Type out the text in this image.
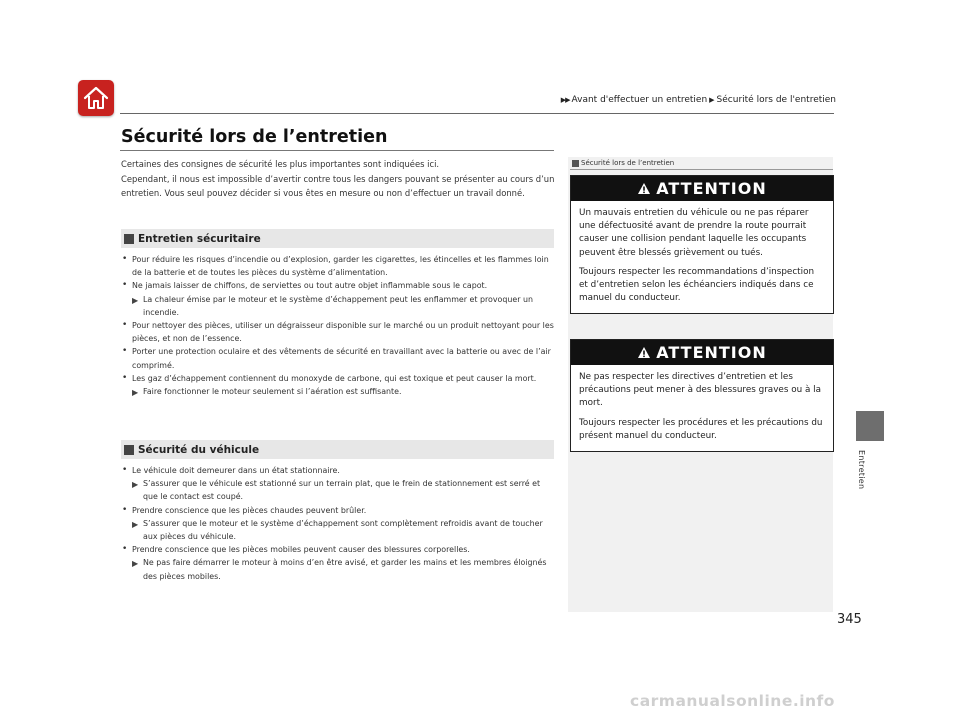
▶▶ Avant d'effectuer un entretien ▶ Sécurité lors de l'entretien
Sécurité lors de l’entretien

Certaines des consignes de sécurité les plus importantes sont indiquées ici.

Cependant, il nous est impossible d’avertir contre tous les dangers pouvant se présenter au cours d’un entretien. Vous seul pouvez décider si vous êtes en mesure ou non d’effectuer un travail donné.

Entretien sécuritaire
• Pour réduire les risques d’incendie ou d’explosion, garder les cigarettes, les étincelles et les flammes loin de la batterie et de toutes les pièces du système d’alimentation.
• Ne jamais laisser de chiffons, de serviettes ou tout autre objet inflammable sous le capot.
▶ La chaleur émise par le moteur et le système d’échappement peut les enflammer et provoquer un incendie.
• Pour nettoyer des pièces, utiliser un dégraisseur disponible sur le marché ou un produit nettoyant pour les pièces, et non de l’essence.
• Porter une protection oculaire et des vêtements de sécurité en travaillant avec la batterie ou avec de l’air comprimé.
• Les gaz d’échappement contiennent du monoxyde de carbone, qui est toxique et peut causer la mort.
▶ Faire fonctionner le moteur seulement si l’aération est suffisante.
Sécurité du véhicule
• Le véhicule doit demeurer dans un état stationnaire.
▶ S’assurer que le véhicule est stationné sur un terrain plat, que le frein de stationnement est serré et que le contact est coupé.
• Prendre conscience que les pièces chaudes peuvent brûler.
▶ S’assurer que le moteur et le système d’échappement sont complètement refroidis avant de toucher aux pièces du véhicule.
• Prendre conscience que les pièces mobiles peuvent causer des blessures corporelles.
▶ Ne pas faire démarrer le moteur à moins d’en être avisé, et garder les mains et les membres éloignés des pièces mobiles.
Sécurité lors de l’entretien
ATTENTION

Un mauvais entretien du véhicule ou ne pas réparer une défectuosité avant de prendre la route pourrait causer une collision pendant laquelle les occupants peuvent être blessés grièvement ou tués.

Toujours respecter les recommandations d’inspection et d’entretien selon les échéanciers indiqués dans ce manuel du conducteur.

ATTENTION

Ne pas respecter les directives d’entretien et les précautions peut mener à des blessures graves ou à la mort.

Toujours respecter les procédures et les précautions du présent manuel du conducteur.

Entretien
345
carmanualsonline.info
